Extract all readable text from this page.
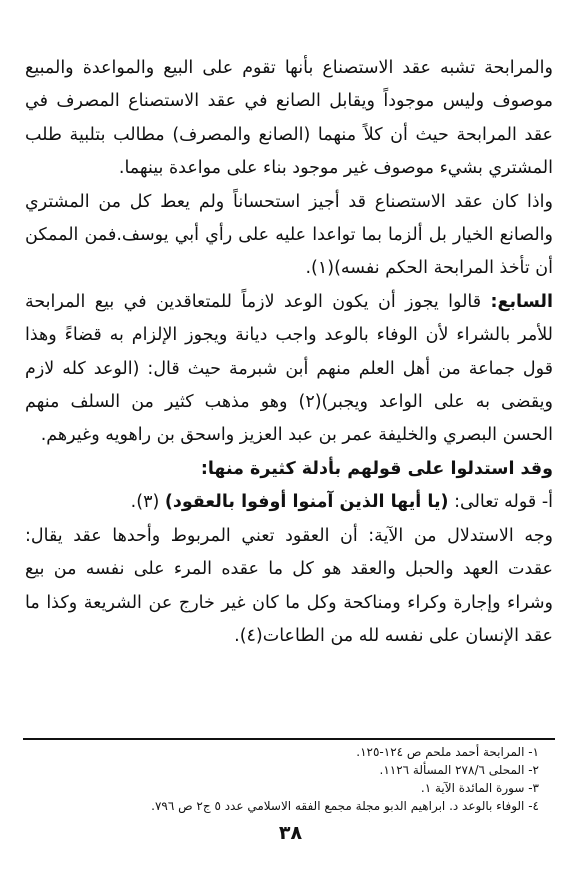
والمرابحة تشبه عقد الاستصناع بأنها تقوم على البيع والمواعدة والمبيع موصوف وليس موجوداً ويقابل الصانع في عقد الاستصناع المصرف في عقد المرابحة حيث أن كلاً منهما (الصانع والمصرف) مطالب بتلبية طلب المشتري بشيء موصوف غير موجود بناء على مواعدة بينهما.

واذا كان عقد الاستصناع قد أجيز استحساناً ولم يعط كل من المشتري والصانع الخيار بل ألزما بما تواعدا عليه على رأي أبي يوسف.فمن الممكن أن تأخذ المرابحة الحكم نفسه)(١).

السابع: قالوا يجوز أن يكون الوعد لازماً للمتعاقدين في بيع المرابحة للأمر بالشراء لأن الوفاء بالوعد واجب ديانة ويجوز الإلزام به قضاءً وهذا قول جماعة من أهل العلم منهم أبن شبرمة حيث قال: (الوعد كله لازم ويقضى به على الواعد ويجبر)(٢) وهو مذهب كثير من السلف منهم الحسن البصري والخليفة عمر بن عبد العزيز واسحق بن راهويه وغيرهم.

وقد استدلوا على قولهم بأدلة كثيرة منها:

أ- قوله تعالى: (يا أيها الذين آمنوا أوفوا بالعقود) (٣).

وجه الاستدلال من الآية: أن العقود تعني المربوط وأحدها عقد يقال: عقدت العهد والحبل والعقد هو كل ما عقده المرء على نفسه من بيع وشراء وإجارة وكراء ومناكحة وكل ما كان غير خارج عن الشريعة وكذا ما عقد الإنسان على نفسه لله من الطاعات(٤).

١- المرابحة أحمد ملحم ص ١٢٤-١٢٥.

٢- المحلى ٢٧٨/٦ المسألة ١١٢٦.

٣- سورة المائدة الآية ١.

٤- الوفاء بالوعد د. ابراهيم الدبو مجلة مجمع الفقه الاسلامي عدد ٥ ج٢ ص ٧٩٦.

٣٨
